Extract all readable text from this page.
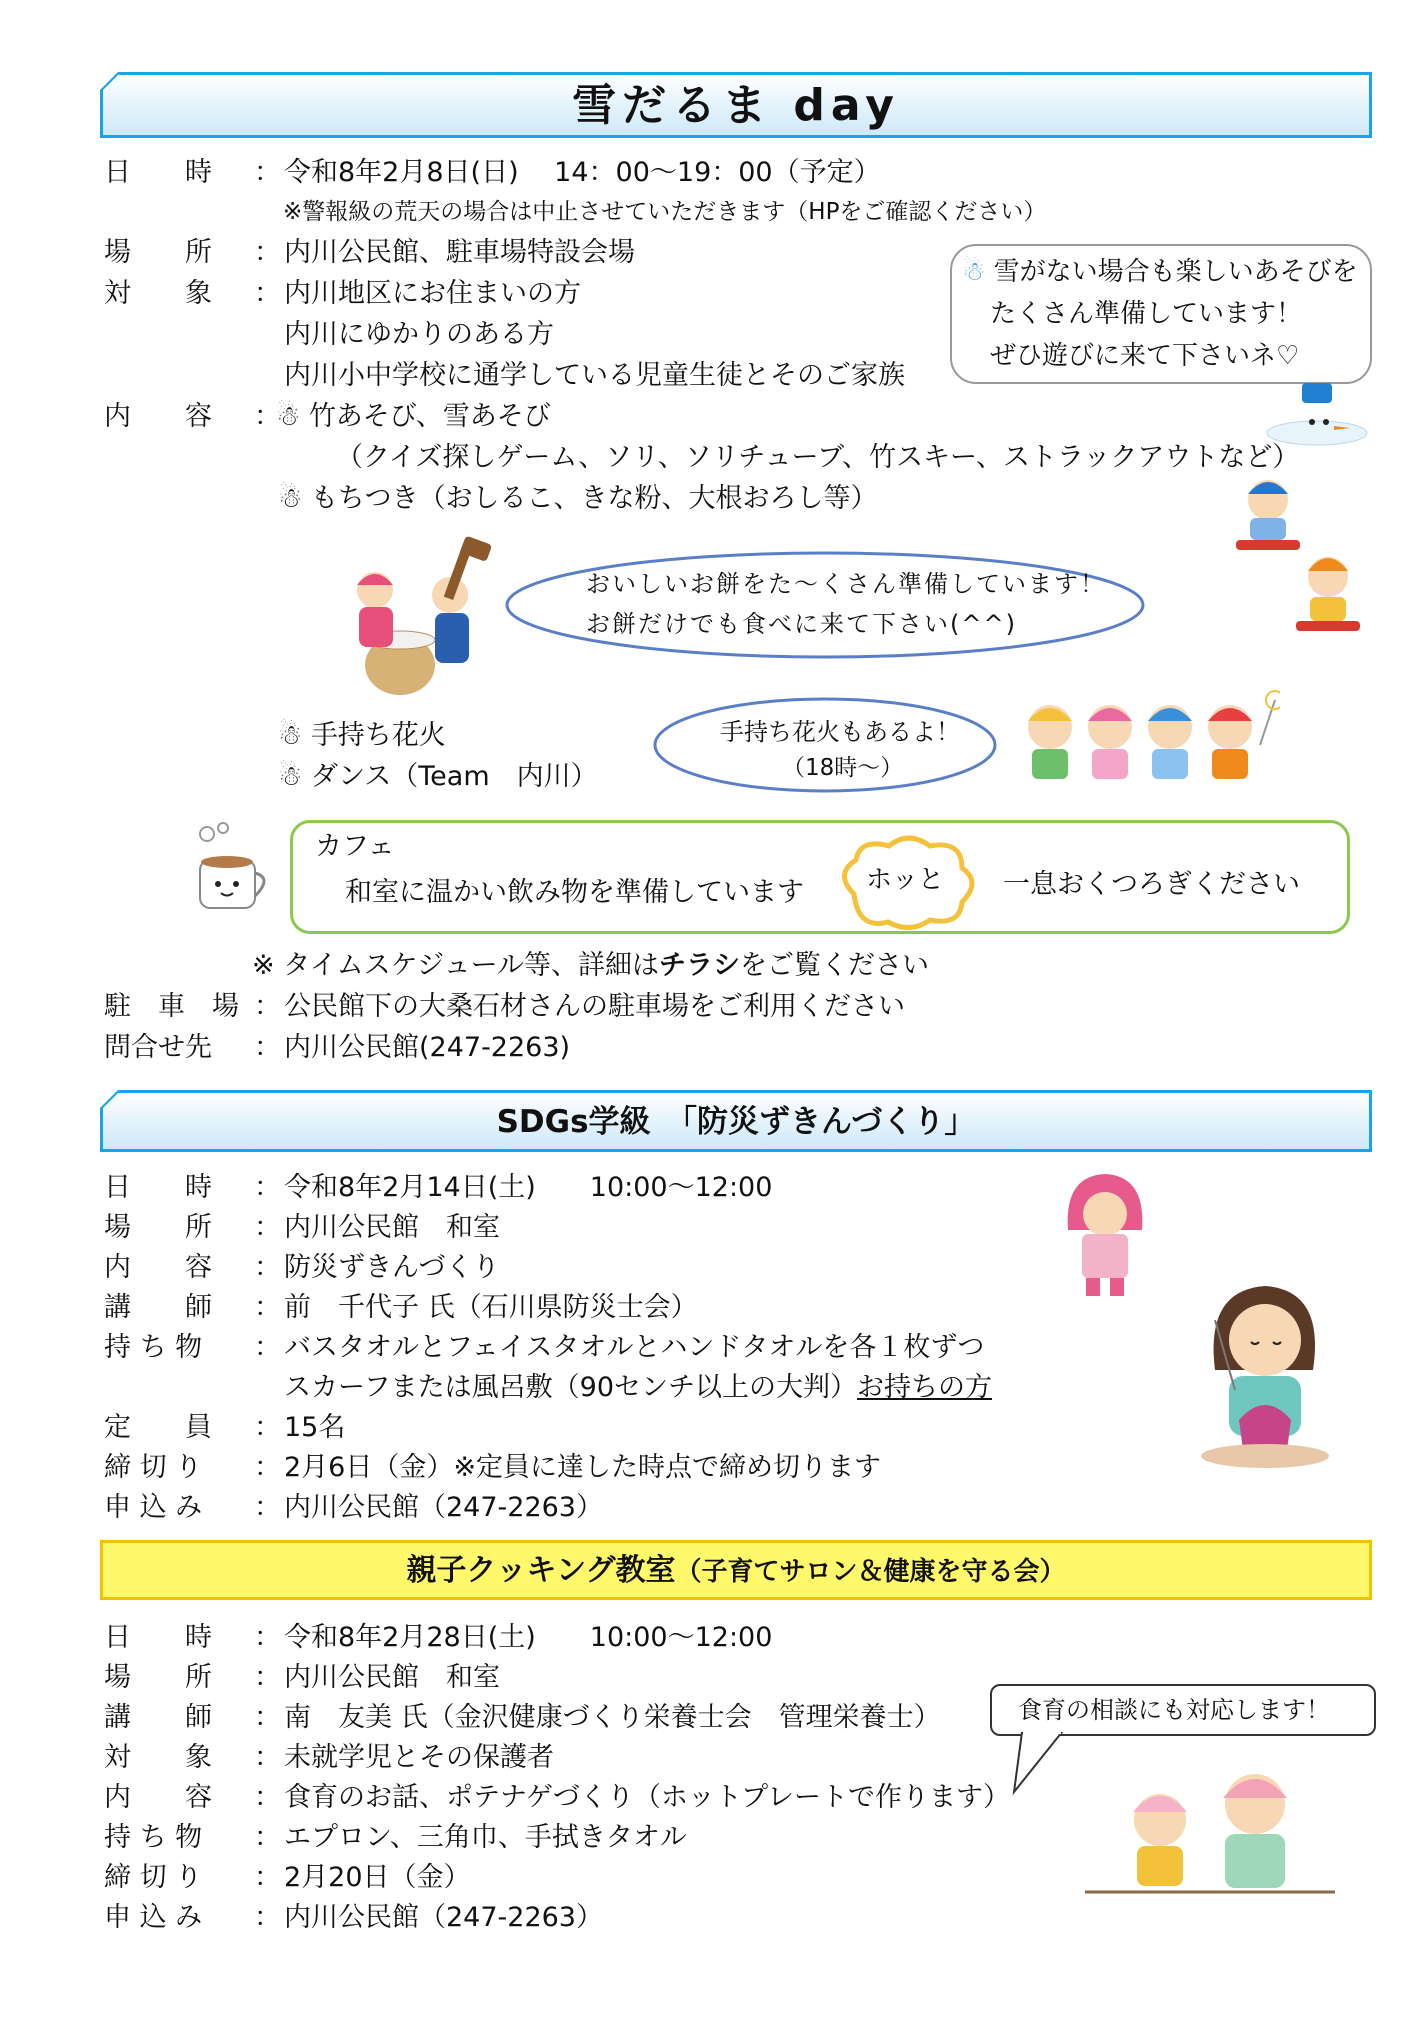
雪だるま day
日　　時	： 令和8年2月8日(日)　 14：00〜19：00（予定）
※警報級の荒天の場合は中止させていただきます（HPをご確認ください）
場　　所	： 内川公民館、駐車場特設会場
対　　象	： 内川地区にお住まいの方
内川にゆかりのある方
内川小中学校に通学している児童生徒とそのご家族
内　　容	：
☃ 竹あそび、雪あそび
（クイズ探しゲーム、ソリ、ソリチューブ、竹スキー、ストラックアウトなど）
☃ もちつき（おしるこ、きな粉、大根おろし等）
☃ 雪がない場合も楽しいあそびを
たくさん準備しています！
ぜひ遊びに来て下さいネ♡
おいしいお餅をた～くさん準備しています！
お餅だけでも食べに来て下さい(^^)
☃ 手持ち花火
☃ ダンス（Team　内川）
手持ち花火もあるよ！
（18時～）
カフェ
和室に温かい飲み物を準備しています	一息おくつろぎください
ホッと
※ タイムスケジュール等、詳細はチラシをご覧ください
駐　車　場 ： 公民館下の大桑石材さんの駐車場をご利用ください
問合せ先	： 内川公民館(247-2263)
SDGs学級　「防災ずきんづくり」
日　　時	： 令和8年2月14日(土)　　10:00〜12:00
場　　所	： 内川公民館　和室
内　　容	： 防災ずきんづくり
講　　師	： 前　千代子 氏（石川県防災士会）
持 ち 物	： バスタオルとフェイスタオルとハンドタオルを各１枚ずつ
スカーフまたは風呂敷（90センチ以上の大判）お持ちの方
定　　員	： 15名
締 切 り	： 2月6日（金）※定員に達した時点で締め切ります
申 込 み	： 内川公民館（247-2263）
親子クッキング教室（子育てサロン＆健康を守る会）
日　　時	： 令和8年2月28日(土)　　10:00〜12:00
場　　所	： 内川公民館　和室
講　　師	： 南　友美 氏（金沢健康づくり栄養士会　管理栄養士）
対　　象	： 未就学児とその保護者
内　　容	： 食育のお話、ポテナゲづくり（ホットプレートで作ります）
持 ち 物	： エプロン、三角巾、手拭きタオル
締 切 り	： 2月20日（金）
申 込 み	： 内川公民館（247-2263）
食育の相談にも対応します！
